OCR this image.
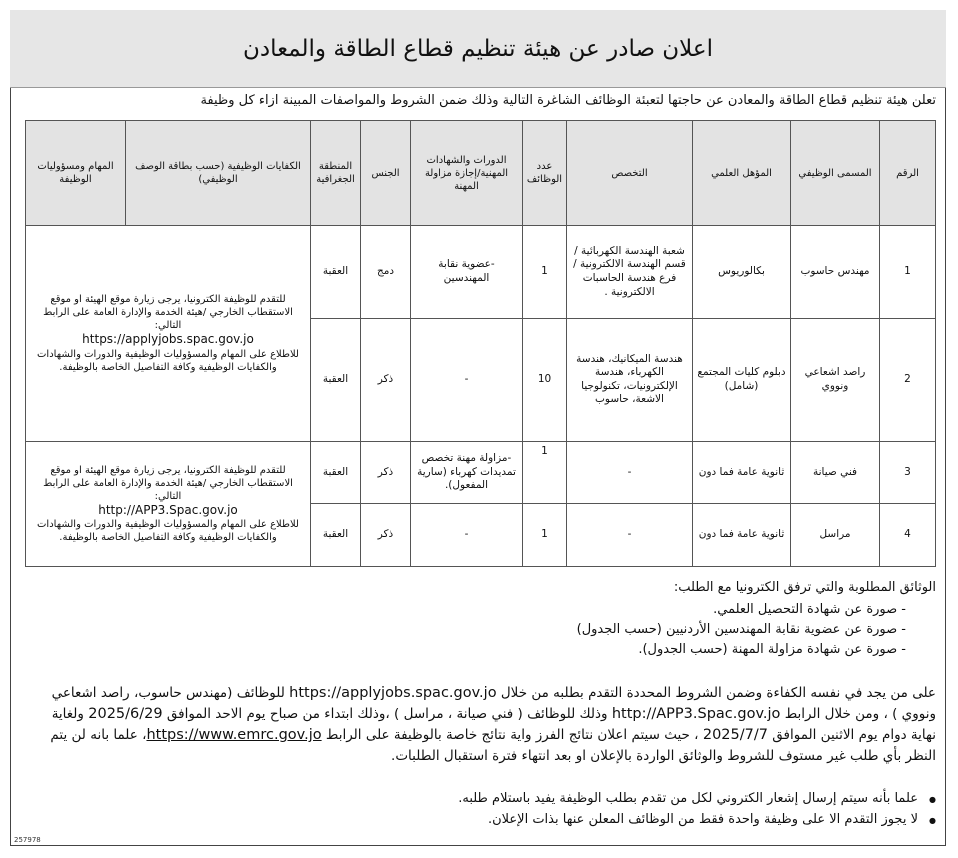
اعلان صادر عن هيئة تنظيم قطاع الطاقة والمعادن
تعلن هيئة تنظيم قطاع الطاقة والمعادن عن حاجتها لتعبئة الوظائف الشاغرة التالية وذلك ضمن الشروط والمواصفات المبينة ازاء كل وظيفة
الرقم	المسمى الوظيفي	المؤهل العلمي	التخصص	عدد الوظائف	الدورات والشهادات المهنية/إجازة مزاولة المهنة	الجنس	المنطقة الجغرافية	الكفايات الوظيفية (حسب بطاقة الوصف الوظيفي)	المهام ومسؤوليات الوظيفة
1	مهندس حاسوب	بكالوريوس	شعبة الهندسة الكهربائية /قسم الهندسة الالكترونية / فرع هندسة الحاسبات الالكترونية .	1	-عضوية نقابة المهندسين	دمج	العقبة	للتقدم للوظيفة الكترونيا، يرجى زيارة موقع الهيئة او موقع الاستقطاب الخارجي /هيئة الخدمة والإدارة العامة على الرابط التالي:
https://applyjobs.spac.gov.jo
للاطلاع على المهام والمسؤوليات الوظيفية والدورات والشهادات والكفايات الوظيفية وكافة التفاصيل الخاصة بالوظيفة.	
2	راصد اشعاعي ونووي	دبلوم كليات المجتمع (شامل)	هندسة الميكانيك، هندسة الكهرباء، هندسة الإلكترونيات، تكنولوجيا الاشعة، حاسوب	10	-	ذكر	العقبة		
3	فني صيانة	ثانوية عامة فما دون	-	1	-مزاولة مهنة تخصص تمديدات كهرباء (سارية المفعول).	ذكر	العقبة	للتقدم للوظيفة الكترونيا، يرجى زيارة موقع الهيئة او موقع الاستقطاب الخارجي /هيئة الخدمة والإدارة العامة على الرابط التالي:
http://APP3.Spac.gov.jo
للاطلاع على المهام والمسؤوليات الوظيفية والدورات والشهادات والكفايات الوظيفية وكافة التفاصيل الخاصة بالوظيفة.	
4	مراسل	ثانوية عامة فما دون	-	1	-	ذكر	العقبة		
الوثائق المطلوبة والتي ترفق الكترونيا مع الطلب:
- صورة عن شهادة التحصيل العلمي.
- صورة عن عضوية نقابة المهندسين الأردنيين (حسب الجدول)
- صورة عن شهادة مزاولة المهنة (حسب الجدول).
على من يجد في نفسه الكفاءة وضمن الشروط المحددة التقدم بطلبه من خلال https://applyjobs.spac.gov.jo للوظائف (مهندس حاسوب، راصد اشعاعي ونووي ) ، ومن خلال الرابط http://APP3.Spac.gov.jo وذلك للوظائف ( فني صيانة ، مراسل ) ،وذلك ابتداء من صباح يوم الاحد الموافق 2025/6/29 ولغاية نهاية دوام يوم الاثنين الموافق 2025/7/7 ، حيث سيتم اعلان نتائج الفرز واية نتائج خاصة بالوظيفة على الرابط https://www.emrc.gov.jo، علما بانه لن يتم النظر بأي طلب غير مستوف للشروط والوثائق الواردة بالإعلان او بعد انتهاء فترة استقبال الطلبات.
● علما بأنه سيتم إرسال إشعار الكتروني لكل من تقدم بطلب الوظيفة يفيد باستلام طلبه.
● لا يجوز التقدم الا على وظيفة واحدة فقط من الوظائف المعلن عنها بذات الإعلان.
257978
